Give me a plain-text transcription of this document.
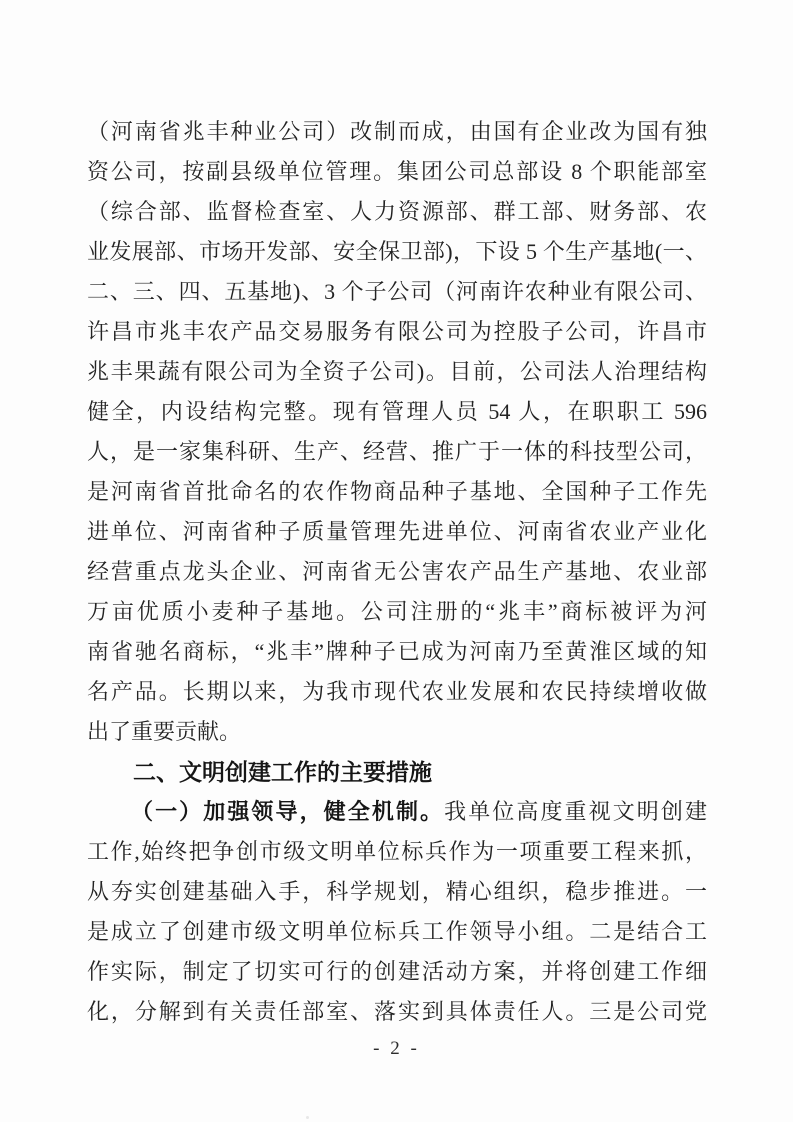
（河南省兆丰种业公司）改制而成，由国有企业改为国有独
资公司，按副县级单位管理。集团公司总部设 8 个职能部室
（综合部、监督检查室、人力资源部、群工部、财务部、农
业发展部、市场开发部、安全保卫部)，下设 5 个生产基地(一、
二、三、四、五基地)、3 个子公司（河南许农种业有限公司、
许昌市兆丰农产品交易服务有限公司为控股子公司，许昌市
兆丰果蔬有限公司为全资子公司)。目前，公司法人治理结构
健全，内设结构完整。现有管理人员 54 人，在职职工 596
人，是一家集科研、生产、经营、推广于一体的科技型公司，
是河南省首批命名的农作物商品种子基地、全国种子工作先
进单位、河南省种子质量管理先进单位、河南省农业产业化
经营重点龙头企业、河南省无公害农产品生产基地、农业部
万亩优质小麦种子基地。公司注册的“兆丰”商标被评为河
南省驰名商标，“兆丰”牌种子已成为河南乃至黄淮区域的知
名产品。长期以来，为我市现代农业发展和农民持续增收做
出了重要贡献。
二、文明创建工作的主要措施
（一）加强领导，健全机制。我单位高度重视文明创建
工作,始终把争创市级文明单位标兵作为一项重要工程来抓，
从夯实创建基础入手，科学规划，精心组织，稳步推进。一
是成立了创建市级文明单位标兵工作领导小组。二是结合工
作实际，制定了切实可行的创建活动方案，并将创建工作细
化，分解到有关责任部室、落实到具体责任人。三是公司党
- 2 -
